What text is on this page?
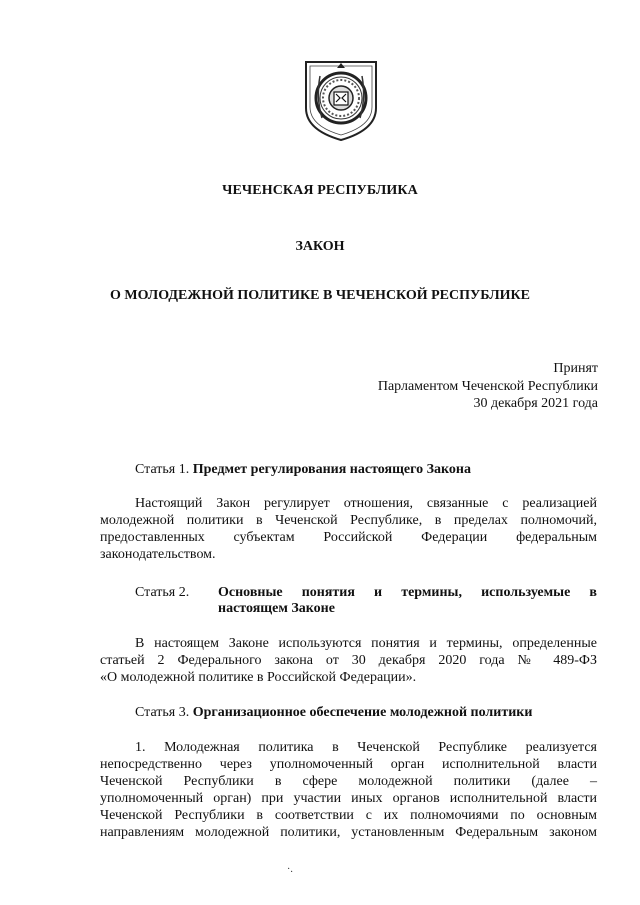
ЧЕЧЕНСКАЯ РЕСПУБЛИКА
ЗАКОН
О МОЛОДЕЖНОЙ ПОЛИТИКЕ В ЧЕЧЕНСКОЙ РЕСПУБЛИКЕ
Принят
Парламентом Чеченской Республики
30 декабря 2021 года
Статья 1. Предмет регулирования настоящего Закона
Настоящий Закон регулирует отношения, связанные с реализацией
молодежной политики в Чеченской Республике, в пределах полномочий,
предоставленных субъектам Российской Федерации федеральным
законодательством.
Статья 2. Основные понятия и термины, используемые в
настоящем Законе
В настоящем Законе используются понятия и термины, определенные
статьей 2 Федерального закона от 30 декабря 2020 года № 489-ФЗ
«О молодежной политике в Российской Федерации».
Статья 3. Организационное обеспечение молодежной политики
1. Молодежная политика в Чеченской Республике реализуется
непосредственно через уполномоченный орган исполнительной власти
Чеченской Республики в сфере молодежной политики (далее –
уполномоченный орган) при участии иных органов исполнительной власти
Чеченской Республики в соответствии с их полномочиями по основным
направлениям молодежной политики, установленным Федеральным законом
·.
